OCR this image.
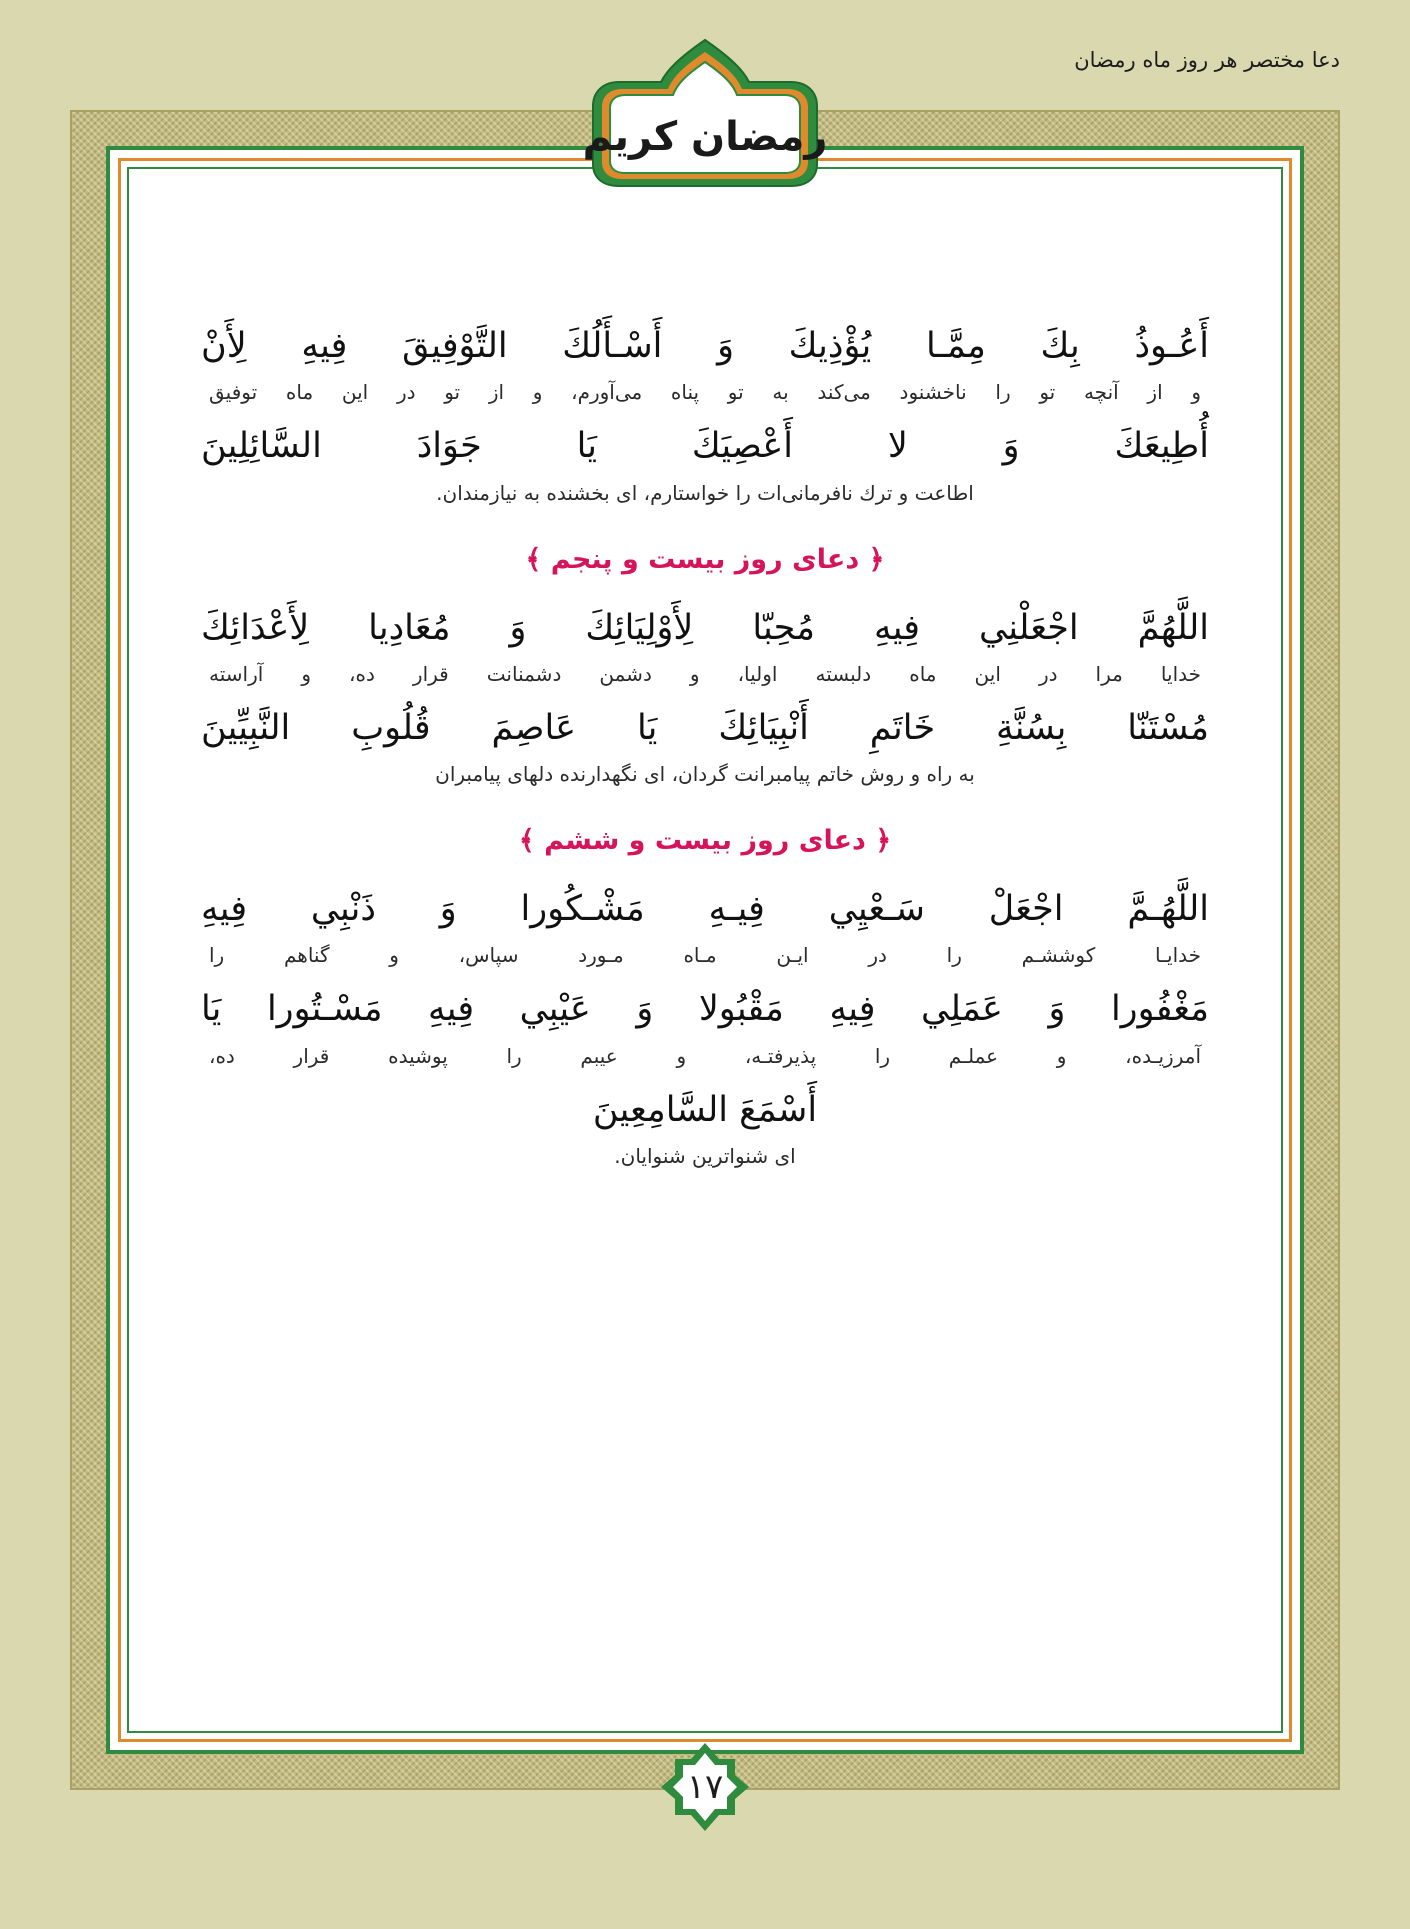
دعا مختصر هر روز ماه رمضان
أَعُـوذُ بِكَ مِمَّـا يُؤْذِيكَ وَ أَسْـأَلُكَ التَّوْفِيقَ فِيهِ لِأَنْ
و از آنچه تو را ناخشنود می‌کند به تو پناه می‌آورم، و از تو در این ماه توفیق
أُطِيعَكَ وَ لا أَعْصِيَكَ يَا جَوَادَ السَّائِلِينَ
اطاعت و ترك نافرمانی‌ات را خواستارم، ای بخشنده به نیازمندان.
﴿ دعای روز بیست و پنجم ﴾
اللَّهُمَّ اجْعَلْنِي فِيهِ مُحِبّا لِأَوْلِيَائِكَ وَ مُعَادِيا لِأَعْدَائِكَ
خدایا مرا در این ماه دلبسته اولیا، و دشمن دشمنانت قرار ده، و آراسته
مُسْتَنّا بِسُنَّةِ خَاتَمِ أَنْبِيَائِكَ يَا عَاصِمَ قُلُوبِ النَّبِيِّينَ
به راه و روش خاتم پیامبرانت گردان، ای نگهدارنده دلهای پیامبران
﴿ دعای روز بیست و ششم ﴾
اللَّهُـمَّ اجْعَلْ سَـعْيِي فِيـهِ مَشْـكُورا وَ ذَنْبِي فِيهِ
خدایـا كوششـم را در ایـن مـاه مـورد سپاس، و گناهم را
مَغْفُورا وَ عَمَلِي فِيهِ مَقْبُولا وَ عَيْبِي فِيهِ مَسْـتُورا يَا
آمرزیـده، و عملـم را پذیرفتـه، و عیبم را پوشیده قرار ده،
أَسْمَعَ السَّامِعِينَ
ای شنواترین شنوایان.
رمضان كريم
۱۷
